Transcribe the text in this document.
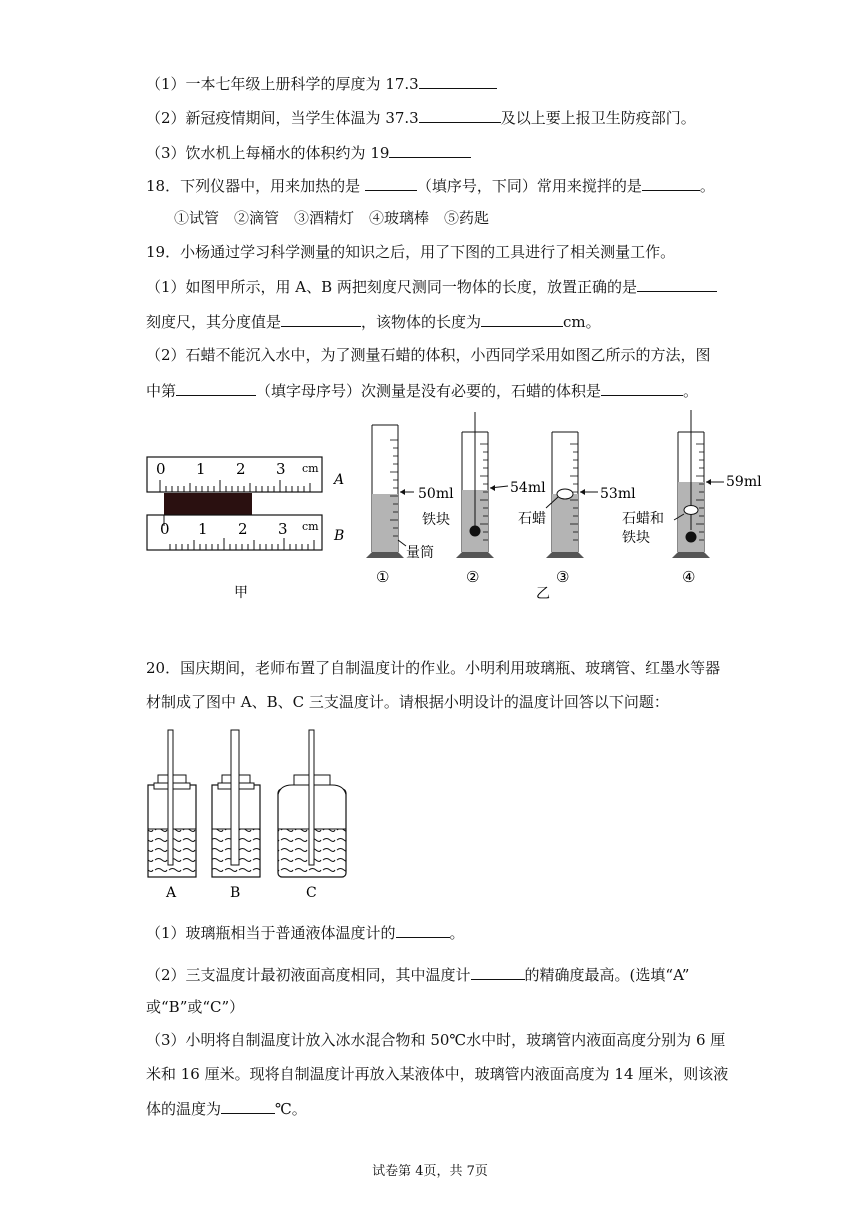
（1）一本七年级上册科学的厚度为 17.3
（2）新冠疫情期间，当学生体温为 37.3	及以上要上报卫生防疫部门。
（3）饮水机上每桶水的体积约为 19
18．下列仪器中，用来加热的是	（填序号，下同）常用来搅拌的是	。
①试管　②滴管　③酒精灯　④玻璃棒　⑤药匙
19．小杨通过学习科学测量的知识之后，用了下图的工具进行了相关测量工作。
（1）如图甲所示，用 A、B 两把刻度尺测同一物体的长度，放置正确的是
刻度尺，其分度值是	，该物体的长度为	cm。
（2）石蜡不能沉入水中，为了测量石蜡的体积，小西同学采用如图乙所示的方法，图
中第	（填字母序号）次测量是没有必要的，石蜡的体积是	。
0 1 2 3 cm
A
0 1 2 3 cm
B
甲
50ml
量筒
①
54ml
铁块
②
53ml
石蜡
③
59ml
石蜡和
铁块
④
乙
20．国庆期间，老师布置了自制温度计的作业。小明利用玻璃瓶、玻璃管、红墨水等器
材制成了图中 A、B、C 三支温度计。请根据小明设计的温度计回答以下问题：
A	B	C
（1）玻璃瓶相当于普通液体温度计的	。
（2）三支温度计最初液面高度相同，其中温度计	的精确度最高。(选填“A”
或“B”或“C”）
（3）小明将自制温度计放入冰水混合物和 50℃水中时，玻璃管内液面高度分别为 6 厘
米和 16 厘米。现将自制温度计再放入某液体中，玻璃管内液面高度为 14 厘米，则该液
体的温度为	℃。
试卷第 4页，共 7页
